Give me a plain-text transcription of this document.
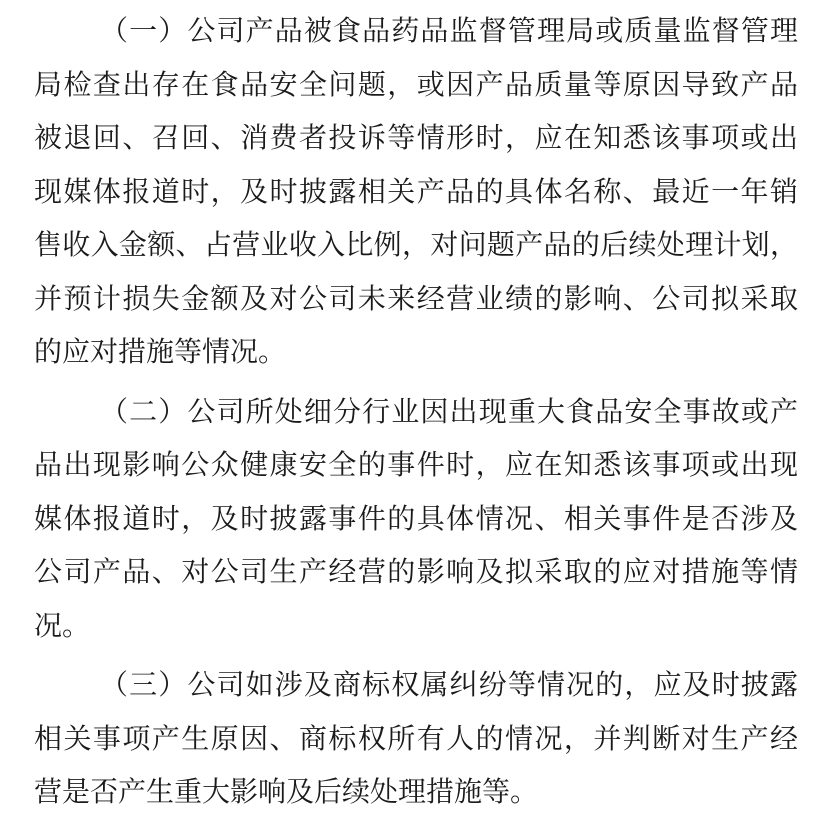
（一）公司产品被食品药品监督管理局或质量监督管理
局检查出存在食品安全问题，或因产品质量等原因导致产品
被退回、召回、消费者投诉等情形时，应在知悉该事项或出
现媒体报道时，及时披露相关产品的具体名称、最近一年销
售收入金额、占营业收入比例，对问题产品的后续处理计划，
并预计损失金额及对公司未来经营业绩的影响、公司拟采取
的应对措施等情况。
（二）公司所处细分行业因出现重大食品安全事故或产
品出现影响公众健康安全的事件时，应在知悉该事项或出现
媒体报道时，及时披露事件的具体情况、相关事件是否涉及
公司产品、对公司生产经营的影响及拟采取的应对措施等情
况。
（三）公司如涉及商标权属纠纷等情况的，应及时披露
相关事项产生原因、商标权所有人的情况，并判断对生产经
营是否产生重大影响及后续处理措施等。
